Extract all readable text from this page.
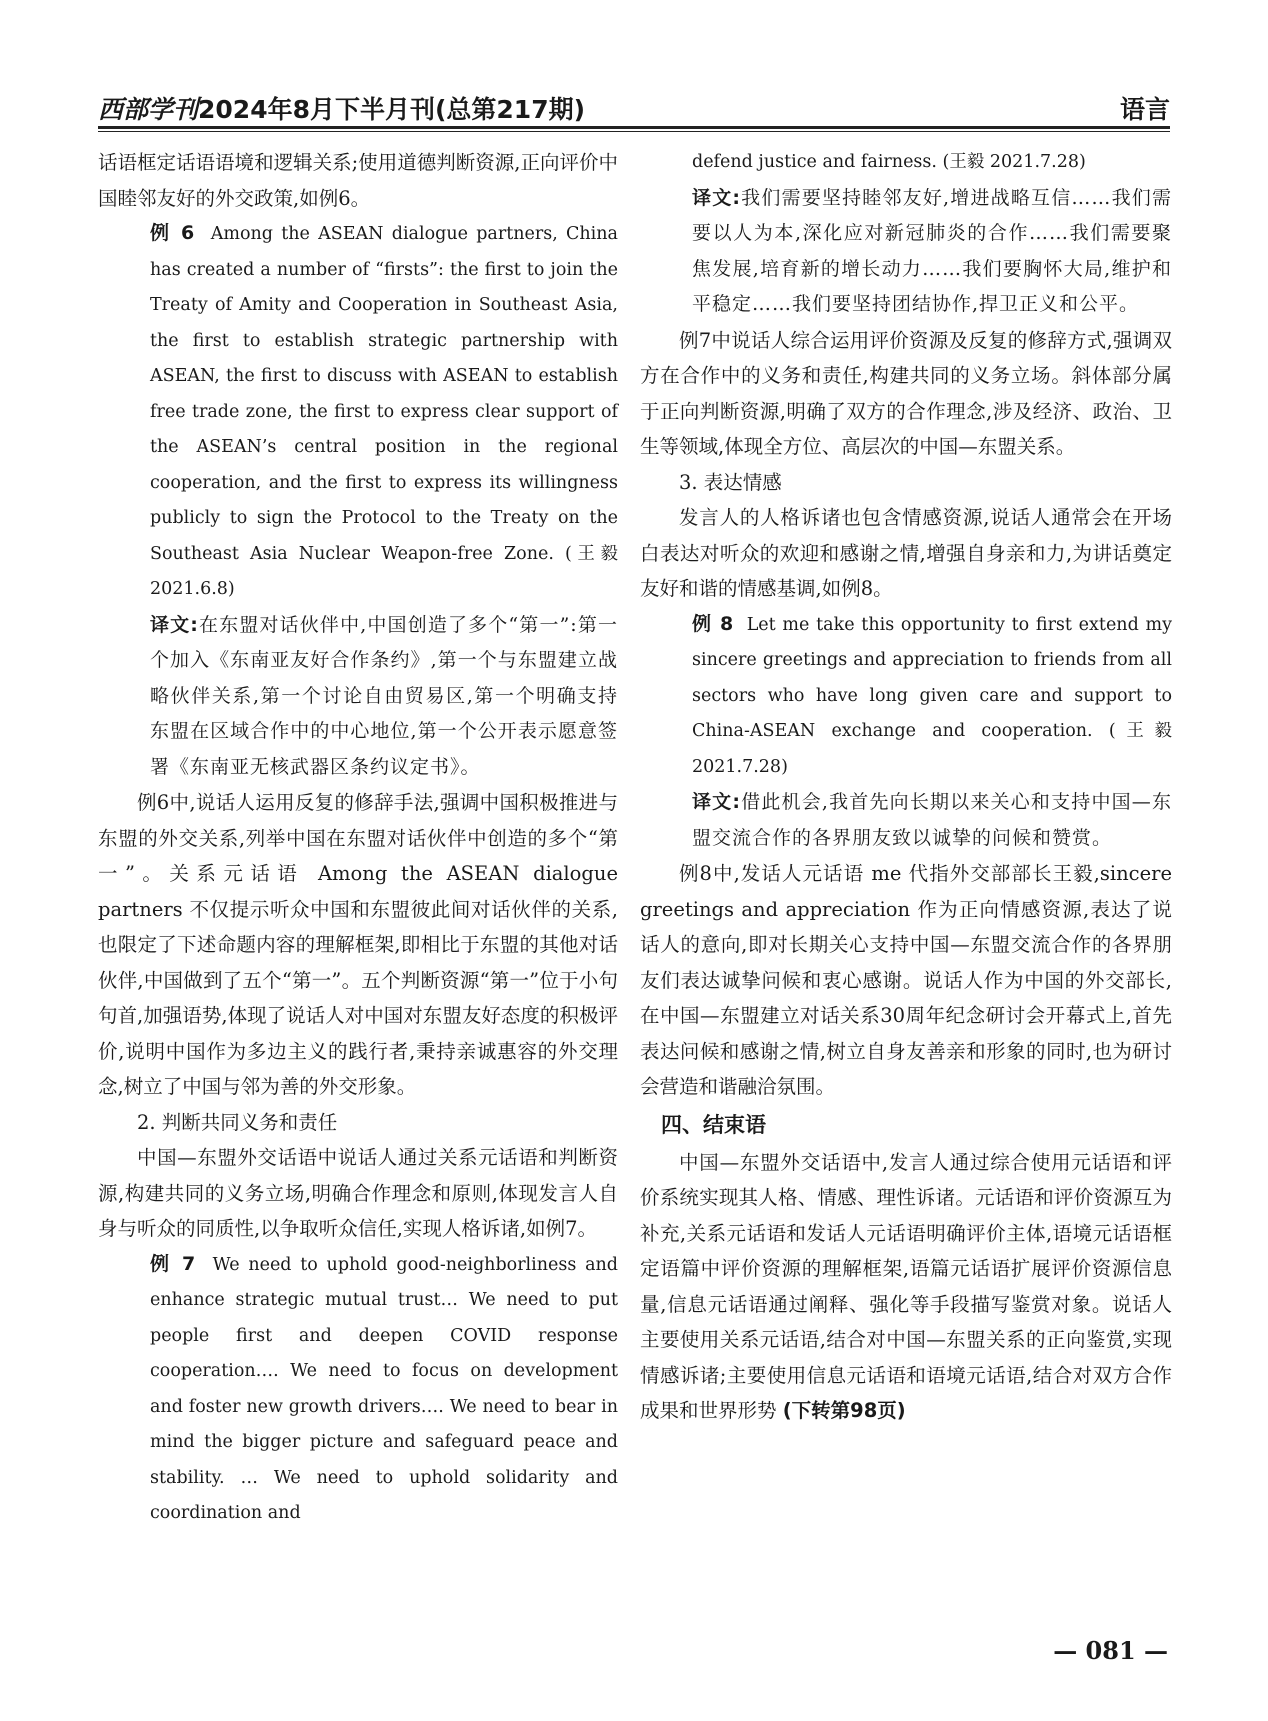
西部学刊2024年8月下半月刊(总第217期)	语言

话语框定话语语境和逻辑关系;使用道德判断资源,正向评价中国睦邻友好的外交政策,如例6。

例 6 Among the ASEAN dialogue partners, China has created a number of “firsts”: the first to join the Treaty of Amity and Cooperation in Southeast Asia, the first to establish strategic partnership with ASEAN, the first to discuss with ASEAN to establish free trade zone, the first to express clear support of the ASEAN’s central position in the regional cooperation, and the first to express its willingness publicly to sign the Protocol to the Treaty on the Southeast Asia Nuclear Weapon-free Zone. (王毅 2021.6.8)

译文:在东盟对话伙伴中,中国创造了多个“第一”:第一个加入《东南亚友好合作条约》,第一个与东盟建立战略伙伴关系,第一个讨论自由贸易区,第一个明确支持东盟在区域合作中的中心地位,第一个公开表示愿意签署《东南亚无核武器区条约议定书》。

例6中,说话人运用反复的修辞手法,强调中国积极推进与东盟的外交关系,列举中国在东盟对话伙伴中创造的多个“第一”。关系元话语 Among the ASEAN dialogue partners 不仅提示听众中国和东盟彼此间对话伙伴的关系,也限定了下述命题内容的理解框架,即相比于东盟的其他对话伙伴,中国做到了五个“第一”。五个判断资源“第一”位于小句句首,加强语势,体现了说话人对中国对东盟友好态度的积极评价,说明中国作为多边主义的践行者,秉持亲诚惠容的外交理念,树立了中国与邻为善的外交形象。

2. 判断共同义务和责任

中国—东盟外交话语中说话人通过关系元话语和判断资源,构建共同的义务立场,明确合作理念和原则,体现发言人自身与听众的同质性,以争取听众信任,实现人格诉诸,如例7。

例 7 We need to uphold good-neighborliness and enhance strategic mutual trust… We need to put people first and deepen COVID response cooperation…. We need to focus on development and foster new growth drivers…. We need to bear in mind the bigger picture and safeguard peace and stability. … We need to uphold solidarity and coordination and

defend justice and fairness. (王毅 2021.7.28)

译文:我们需要坚持睦邻友好,增进战略互信……我们需要以人为本,深化应对新冠肺炎的合作……我们需要聚焦发展,培育新的增长动力……我们要胸怀大局,维护和平稳定……我们要坚持团结协作,捍卫正义和公平。

例7中说话人综合运用评价资源及反复的修辞方式,强调双方在合作中的义务和责任,构建共同的义务立场。斜体部分属于正向判断资源,明确了双方的合作理念,涉及经济、政治、卫生等领域,体现全方位、高层次的中国—东盟关系。

3. 表达情感

发言人的人格诉诸也包含情感资源,说话人通常会在开场白表达对听众的欢迎和感谢之情,增强自身亲和力,为讲话奠定友好和谐的情感基调,如例8。

例 8 Let me take this opportunity to first extend my sincere greetings and appreciation to friends from all sectors who have long given care and support to China-ASEAN exchange and cooperation. (王毅 2021.7.28)

译文:借此机会,我首先向长期以来关心和支持中国—东盟交流合作的各界朋友致以诚挚的问候和赞赏。

例8中,发话人元话语 me 代指外交部部长王毅,sincere greetings and appreciation 作为正向情感资源,表达了说话人的意向,即对长期关心支持中国—东盟交流合作的各界朋友们表达诚挚问候和衷心感谢。说话人作为中国的外交部长,在中国—东盟建立对话关系30周年纪念研讨会开幕式上,首先表达问候和感谢之情,树立自身友善亲和形象的同时,也为研讨会营造和谐融洽氛围。

四、结束语

中国—东盟外交话语中,发言人通过综合使用元话语和评价系统实现其人格、情感、理性诉诸。元话语和评价资源互为补充,关系元话语和发话人元话语明确评价主体,语境元话语框定语篇中评价资源的理解框架,语篇元话语扩展评价资源信息量,信息元话语通过阐释、强化等手段描写鉴赏对象。说话人主要使用关系元话语,结合对中国—东盟关系的正向鉴赏,实现情感诉诸;主要使用信息元话语和语境元话语,结合对双方合作成果和世界形势 (下转第98页)

— 081 —
